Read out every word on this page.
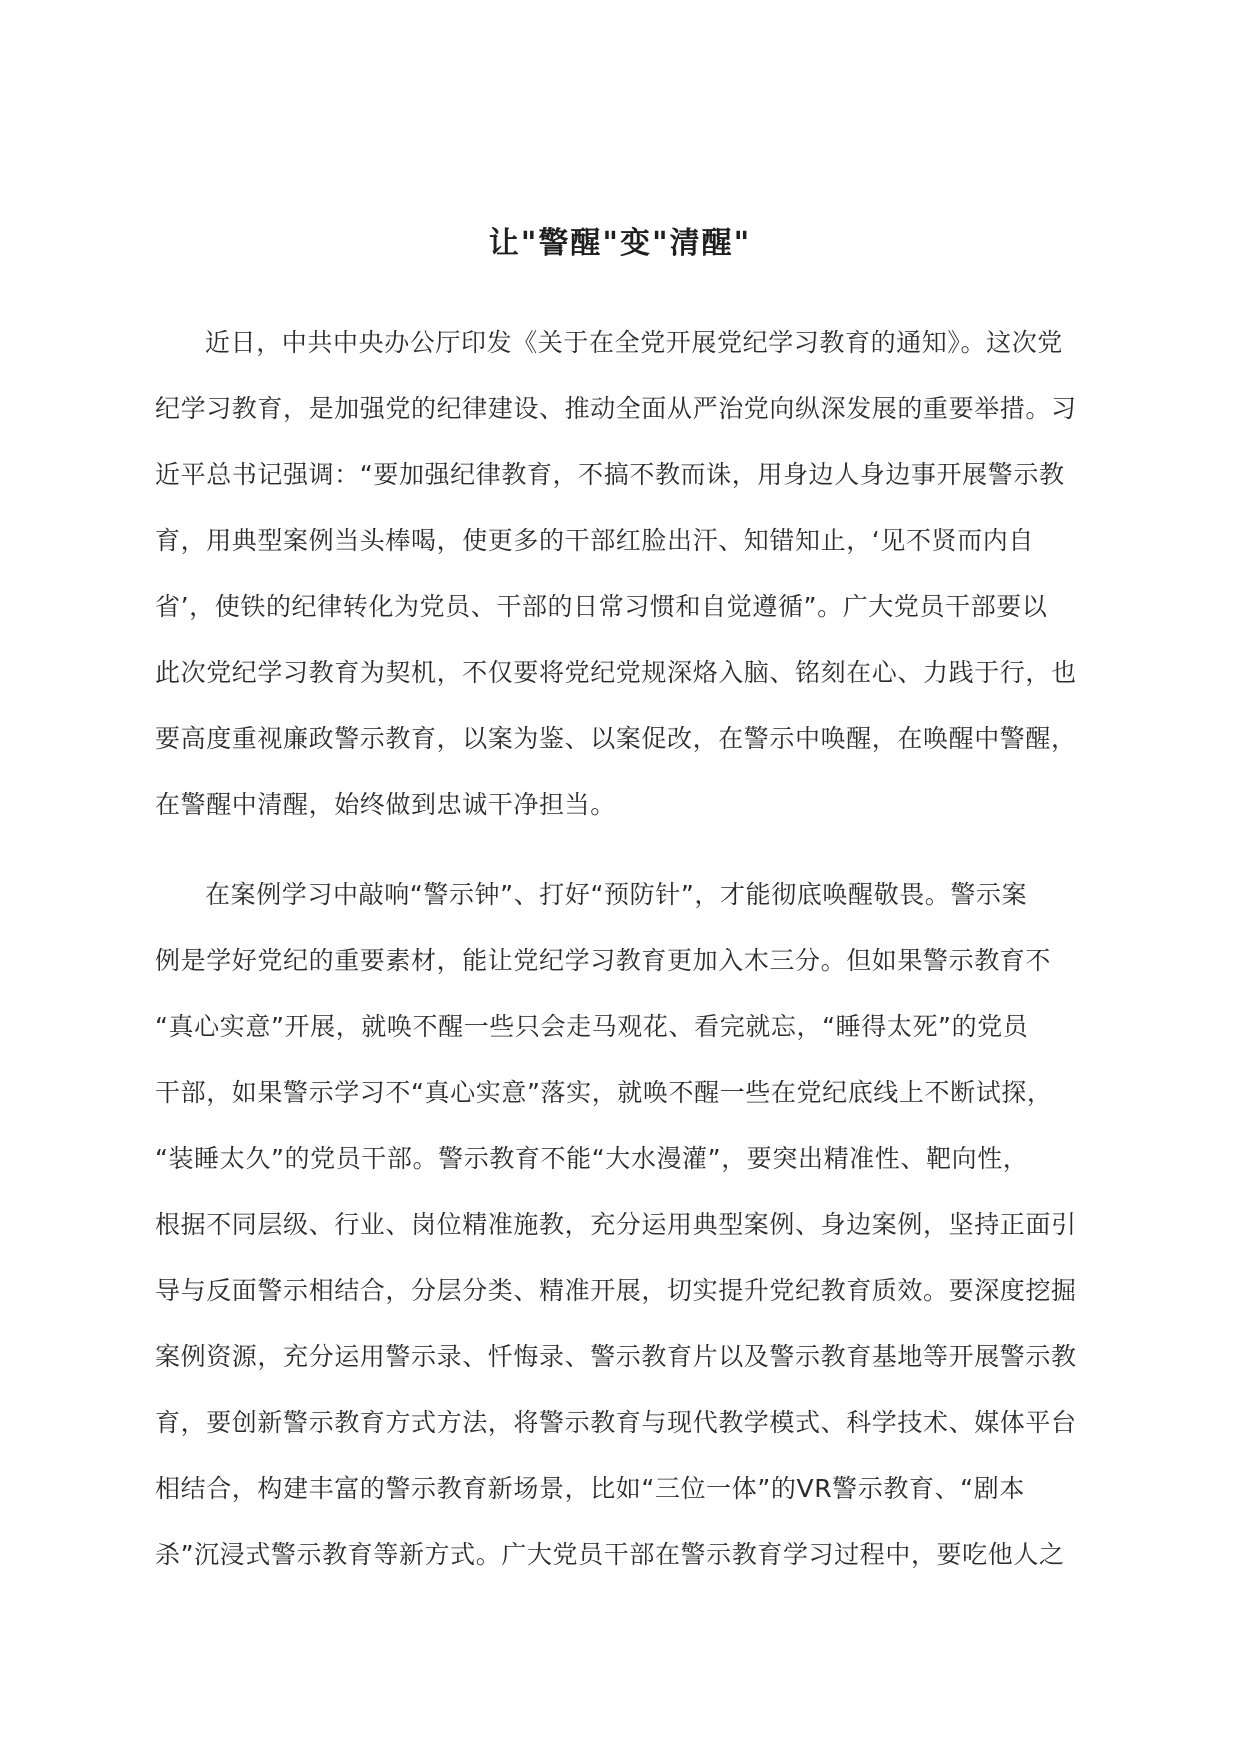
让"警醒"变"清醒"
近日，中共中央办公厅印发《关于在全党开展党纪学习教育的通知》。这次党
纪学习教育，是加强党的纪律建设、推动全面从严治党向纵深发展的重要举措。习
近平总书记强调：“要加强纪律教育，不搞不教而诛，用身边人身边事开展警示教
育，用典型案例当头棒喝，使更多的干部红脸出汗、知错知止，‘见不贤而内自
省’，使铁的纪律转化为党员、干部的日常习惯和自觉遵循”。广大党员干部要以
此次党纪学习教育为契机，不仅要将党纪党规深烙入脑、铭刻在心、力践于行，也
要高度重视廉政警示教育，以案为鉴、以案促改，在警示中唤醒，在唤醒中警醒，
在警醒中清醒，始终做到忠诚干净担当。
在案例学习中敲响“警示钟”、打好“预防针”，才能彻底唤醒敬畏。警示案
例是学好党纪的重要素材，能让党纪学习教育更加入木三分。但如果警示教育不
“真心实意”开展，就唤不醒一些只会走马观花、看完就忘，“睡得太死”的党员
干部，如果警示学习不“真心实意”落实，就唤不醒一些在党纪底线上不断试探，
“装睡太久”的党员干部。警示教育不能“大水漫灌”，要突出精准性、靶向性，
根据不同层级、行业、岗位精准施教，充分运用典型案例、身边案例，坚持正面引
导与反面警示相结合，分层分类、精准开展，切实提升党纪教育质效。要深度挖掘
案例资源，充分运用警示录、忏悔录、警示教育片以及警示教育基地等开展警示教
育，要创新警示教育方式方法，将警示教育与现代教学模式、科学技术、媒体平台
相结合，构建丰富的警示教育新场景，比如“三位一体”的VR警示教育、“剧本
杀”沉浸式警示教育等新方式。广大党员干部在警示教育学习过程中，要吃他人之
